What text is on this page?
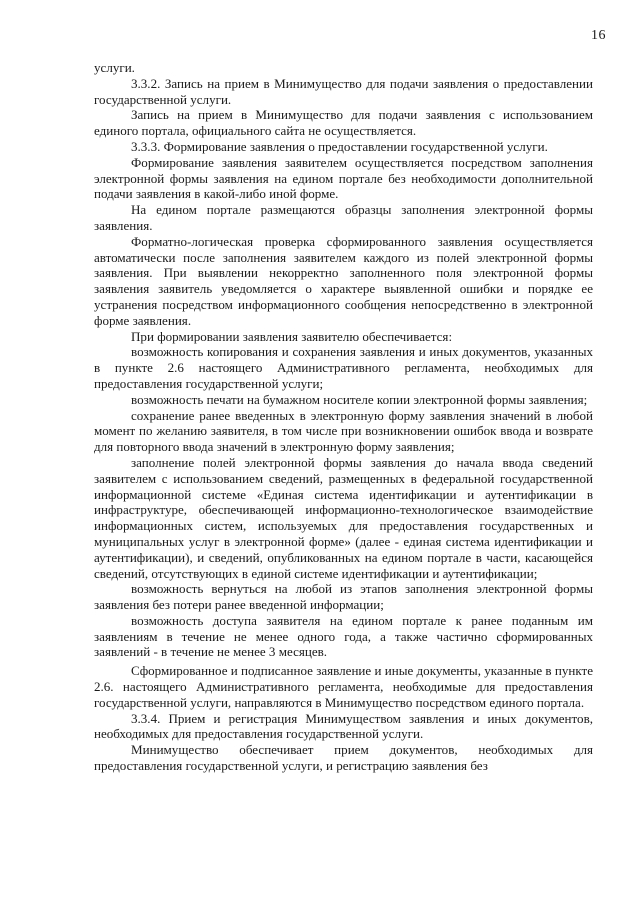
16

услуги.

3.3.2. Запись на прием в Минимущество для подачи заявления о предоставлении государственной услуги.

Запись на прием в Минимущество для подачи заявления с использованием единого портала, официального сайта не осуществляется.

3.3.3. Формирование заявления о предоставлении государственной услуги.

Формирование заявления заявителем осуществляется посредством заполнения электронной формы заявления на едином портале без необходимости дополнительной подачи заявления в какой-либо иной форме.

На едином портале размещаются образцы заполнения электронной формы заявления.

Форматно-логическая проверка сформированного заявления осуществляется автоматически после заполнения заявителем каждого из полей электронной формы заявления. При выявлении некорректно заполненного поля электронной формы заявления заявитель уведомляется о характере выявленной ошибки и порядке ее устранения посредством информационного сообщения непосредственно в электронной форме заявления.

При формировании заявления заявителю обеспечивается:

возможность копирования и сохранения заявления и иных документов, указанных в пункте 2.6 настоящего Административного регламента, необходимых для предоставления государственной услуги;

возможность печати на бумажном носителе копии электронной формы заявления;

сохранение ранее введенных в электронную форму заявления значений в любой момент по желанию заявителя, в том числе при возникновении ошибок ввода и возврате для повторного ввода значений в электронную форму заявления;

заполнение полей электронной формы заявления до начала ввода сведений заявителем с использованием сведений, размещенных в федеральной государственной информационной системе «Единая система идентификации и аутентификации в инфраструктуре, обеспечивающей информационно-технологическое взаимодействие информационных систем, используемых для предоставления государственных и муниципальных услуг в электронной форме» (далее - единая система идентификации и аутентификации), и сведений, опубликованных на едином портале в части, касающейся сведений, отсутствующих в единой системе идентификации и аутентификации;

возможность вернуться на любой из этапов заполнения электронной формы заявления без потери ранее введенной информации;

возможность доступа заявителя на едином портале к ранее поданным им заявлениям в течение не менее одного года, а также частично сформированных заявлений - в течение не менее 3 месяцев.

Сформированное и подписанное заявление и иные документы, указанные в пункте 2.6. настоящего Административного регламента, необходимые для предоставления государственной услуги, направляются в Минимущество посредством единого портала.

3.3.4. Прием и регистрация Минимуществом заявления и иных документов, необходимых для предоставления государственной услуги.

Минимущество обеспечивает прием документов, необходимых для предоставления государственной услуги, и регистрацию заявления без
